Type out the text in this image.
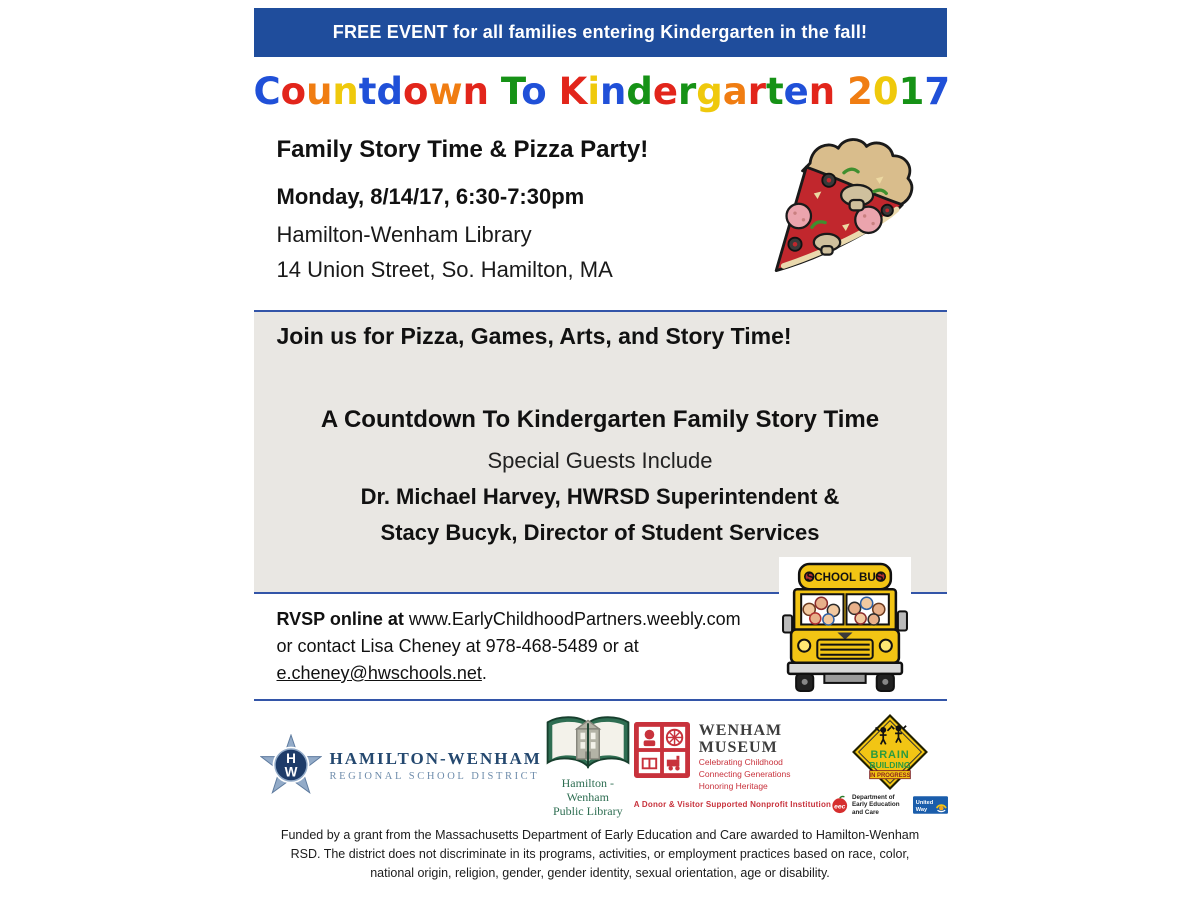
FREE EVENT for all families entering Kindergarten in the fall!
Countdown To Kindergarten 2017
Family Story Time & Pizza Party!
Monday, 8/14/17, 6:30-7:30pm
Hamilton-Wenham Library
14 Union Street, So. Hamilton, MA
Join us for Pizza, Games, Arts, and Story Time!
A Countdown To Kindergarten Family Story Time
Special Guests Include
Dr. Michael Harvey, HWRSD Superintendent &
Stacy Bucyk, Director of Student Services
RVSP online at www.EarlyChildhoodPartners.weebly.com
or contact Lisa Cheney at 978-468-5489 or at
e.cheney@hwschools.net.
SCHOOL BUS
H
W
HAMILTON-WENHAM
REGIONAL SCHOOL DISTRICT	Hamilton - Wenham
Public Library
WENHAM
MUSEUM
Celebrating Childhood
Connecting Generations
Honoring Heritage
A Donor & Visitor Supported Nonprofit Institution
BRAIN
BUILDING
IN PROGRESS
eec
Department of
Early Education and Care
United
Way

Funded by a grant from the Massachusetts Department of Early Education and Care awarded to Hamilton-Wenham RSD. The district does not discriminate in its programs, activities, or employment practices based on race, color, national origin, religion, gender, gender identity, sexual orientation, age or disability.
